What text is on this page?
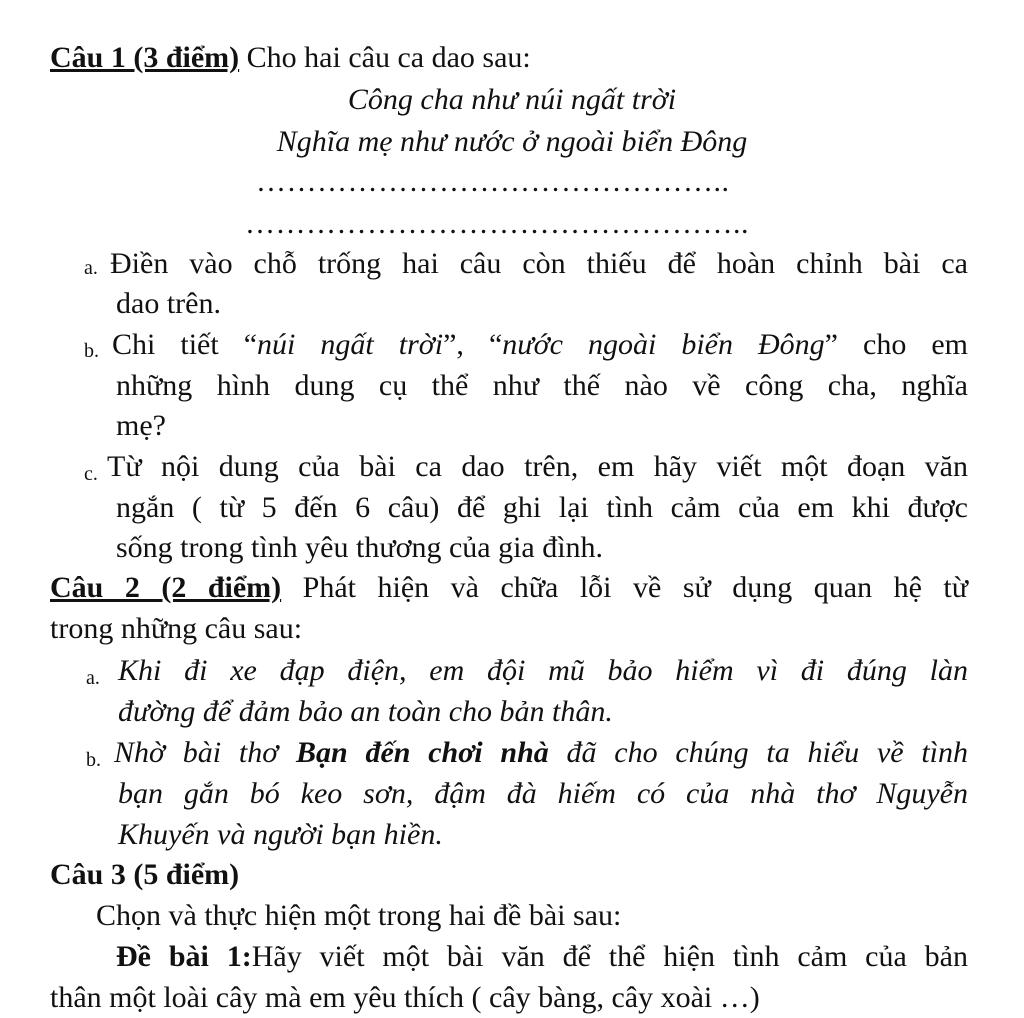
Câu 1 (3 điểm) Cho hai câu ca dao sau:
Công cha như núi ngất trời
Nghĩa mẹ như nước ở ngoài biển Đông
………………………………………..
…………………………………………..
a. Điền vào chỗ trống hai câu còn thiếu để hoàn chỉnh bài ca
dao trên.
b. Chi tiết “núi ngất trời”, “nước ngoài biển Đông” cho em
những hình dung cụ thể như thế nào về công cha, nghĩa
mẹ?
c. Từ nội dung của bài ca dao trên, em hãy viết một đoạn văn
ngắn ( từ 5 đến 6 câu) để ghi lại tình cảm của em khi được
sống trong tình yêu thương của gia đình.
Câu 2 (2 điểm) Phát hiện và chữa lỗi về sử dụng quan hệ từ
trong những câu sau:
a. Khi đi xe đạp điện, em đội mũ bảo hiểm vì đi đúng làn
đường để đảm bảo an toàn cho bản thân.
b. Nhờ bài thơ Bạn đến chơi nhà đã cho chúng ta hiểu về tình
bạn gắn bó keo sơn, đậm đà hiếm có của nhà thơ Nguyễn
Khuyến và người bạn hiền.
Câu 3 (5 điểm)
Chọn và thực hiện một trong hai đề bài sau:
Đề bài 1:Hãy viết một bài văn để thể hiện tình cảm của bản
thân một loài cây mà em yêu thích ( cây bàng, cây xoài …)
